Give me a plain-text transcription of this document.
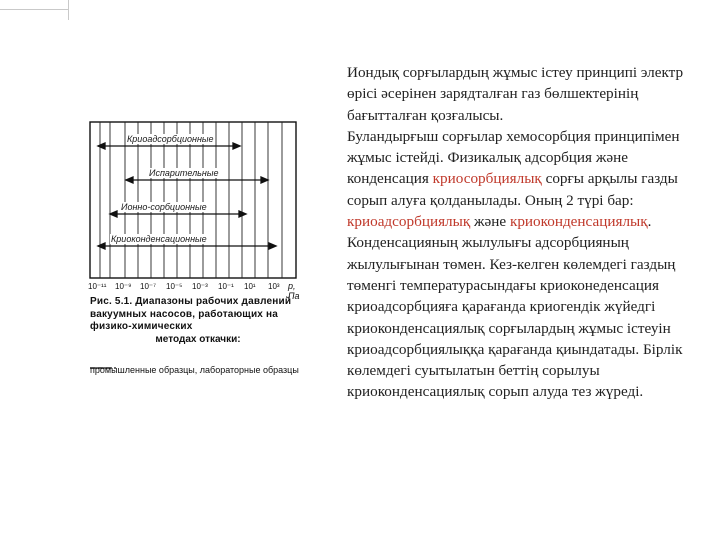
Криоадсорбционные
Испарительные
Ионно-сорбционные
Криоконденсационные
10⁻¹¹ 10⁻⁹ 10⁻⁷ 10⁻⁵ 10⁻³ 10⁻¹ 10¹ 10³ p, Па
Рис. 5.1. Диапазоны рабочих давлений вакуумных насосов, работающих на физико-химических
методах откачки:
промышленные образцы, лабораторные образцы

Иондық сорғылардың жұмыс істеу принципі электр өрісі әсерінен зарядталған газ бөлшектерінің бағытталған қозғалысы.

Буландырғыш сорғылар хемосорбция принципімен жұмыс істейді. Физикалық адсорбция және конденсация криосорбциялық сорғы арқылы газды сорып алуға қолданылады. Оның 2 түрі бар: криоадсорбциялық және криоконденсациялық.

Конденсацияның жылулығы адсорбцияның жылулығынан төмен. Кез-келген көлемдегі газдың төменгі температурасындағы криоконеденсация криоадсорбцияға қарағанда криогендік жүйедгі криоконденсациялық сорғылардың жұмыс істеуін криоадсорбциялыққа қарағанда қиындатады. Бірлік көлемдегі суытылатын беттің сорылуы криоконденсациялық сорып алуда тез жүреді.
